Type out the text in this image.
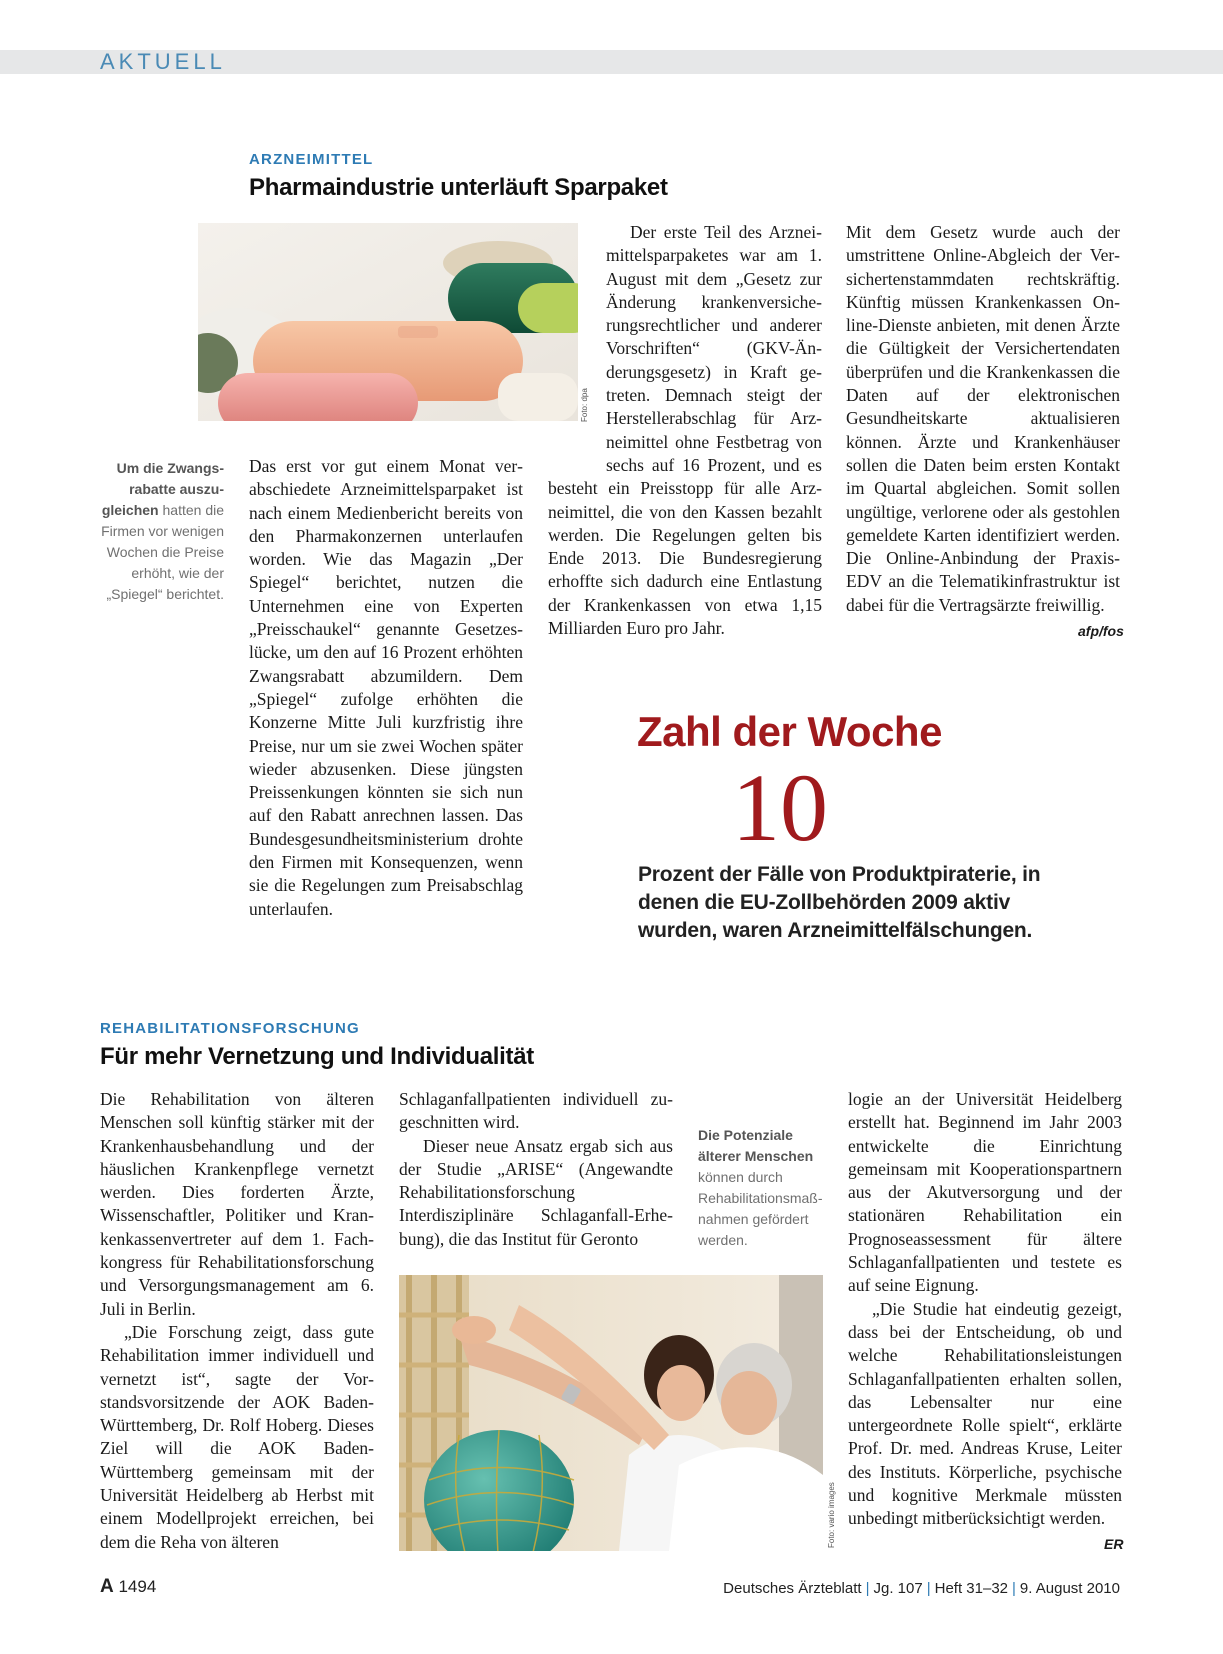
AKTUELL
ARZNEIMITTEL
Pharmaindustrie unterläuft Sparpaket
Foto: dpa
Um die Zwangsrabatte auszugleichen hatten die Firmen vor wenigen Wochen die Preise erhöht, wie der „Spiegel“ berichtet.

Das erst vor gut einem Monat verabschiedete Arzneimittelsparpaket ist nach einem Medienbericht bereits von den Pharmakonzernen unterlaufen worden. Wie das Magazin „Der Spiegel“ berichtet, nutzen die Unternehmen eine von Experten „Preisschaukel“ genannte Gesetzeslücke, um den auf 16 Prozent erhöhten Zwangsrabatt abzumildern. Dem „Spiegel“ zufolge erhöhten die Konzerne Mitte Juli kurzfristig ihre Preise, nur um sie zwei Wochen später wieder abzusenken. Diese jüngsten Preissenkungen könnten sie sich nun auf den Rabatt anrechnen lassen. Das Bundesgesundheitsministerium drohte den Firmen mit Konsequenzen, wenn sie die Regelungen zum Preisabschlag unterlaufen.

Der erste Teil des Arzneimittelsparpaketes war am 1. August mit dem „Gesetz zur Änderung krankenversicherungsrechtlicher und anderer Vorschriften“ (GKV-Änderungsgesetz) in Kraft getreten. Demnach steigt der Herstellerabschlag für Arzneimittel ohne Festbetrag von sechs auf 16 Prozent, und es besteht ein Preisstopp für alle Arzneimittel, die von den Kassen bezahlt werden. Die Regelungen gelten bis Ende 2013. Die Bundesregierung erhoffte sich dadurch eine Entlastung der Krankenkassen von etwa 1,15 Milliarden Euro pro Jahr.

Mit dem Gesetz wurde auch der umstrittene Online-Abgleich der Versichertenstammdaten rechtskräftig. Künftig müssen Krankenkassen Online-Dienste anbieten, mit denen Ärzte die Gültigkeit der Versichertendaten überprüfen und die Krankenkassen die Daten auf der elektronischen Gesundheitskarte aktualisieren können. Ärzte und Krankenhäuser sollen die Daten beim ersten Kontakt im Quartal abgleichen. Somit sollen ungültige, verlorene oder als gestohlen gemeldete Karten identifiziert werden. Die Online-Anbindung der Praxis-EDV an die Telematikinfrastruktur ist dabei für die Vertragsärzte freiwillig.

afp/fos
Zahl der Woche
10
Prozent der Fälle von Produktpiraterie, in denen die EU-Zollbehörden 2009 aktiv wurden, waren Arzneimittelfälschungen.
REHABILITATIONSFORSCHUNG
Für mehr Vernetzung und Individualität

Die Rehabilitation von älteren Menschen soll künftig stärker mit der Krankenhausbehandlung und der häuslichen Krankenpflege vernetzt werden. Dies forderten Ärzte, Wissenschaftler, Politiker und Krankenkassenvertreter auf dem 1. Fachkongress für Rehabilitationsforschung und Versorgungsmanagement am 6. Juli in Berlin.

„Die Forschung zeigt, dass gute Rehabilitation immer individuell und vernetzt ist“, sagte der Vorstandsvorsitzende der AOK Baden-Württemberg, Dr. Rolf Hoberg. Dieses Ziel will die AOK Baden-Württemberg gemeinsam mit der Universität Heidelberg ab Herbst mit einem Modellprojekt erreichen, bei dem die Reha von älteren

Schlaganfallpatienten individuell zugeschnitten wird.

Dieser neue Ansatz ergab sich aus der Studie „ARISE“ (Angewandte Rehabilitationsforschung Interdisziplinäre Schlaganfall-Erhebung), die das Institut für Geronto

Die Potenziale älterer Menschen können durch Rehabilitationsmaßnahmen gefördert werden.
Foto: vario images

logie an der Universität Heidelberg erstellt hat. Beginnend im Jahr 2003 entwickelte die Einrichtung gemeinsam mit Kooperationspartnern aus der Akutversorgung und der stationären Rehabilitation ein Prognoseassessment für ältere Schlaganfallpatienten und testete es auf seine Eignung.

„Die Studie hat eindeutig gezeigt, dass bei der Entscheidung, ob und welche Rehabilitationsleistungen Schlaganfallpatienten erhalten sollen, das Lebensalter nur eine untergeordnete Rolle spielt“, erklärte Prof. Dr. med. Andreas Kruse, Leiter des Instituts. Körperliche, psychische und kognitive Merkmale müssten unbedingt mitberücksichtigt werden.

ER
A 1494	Deutsches Ärzteblatt | Jg. 107 | Heft 31–32 | 9. August 2010
